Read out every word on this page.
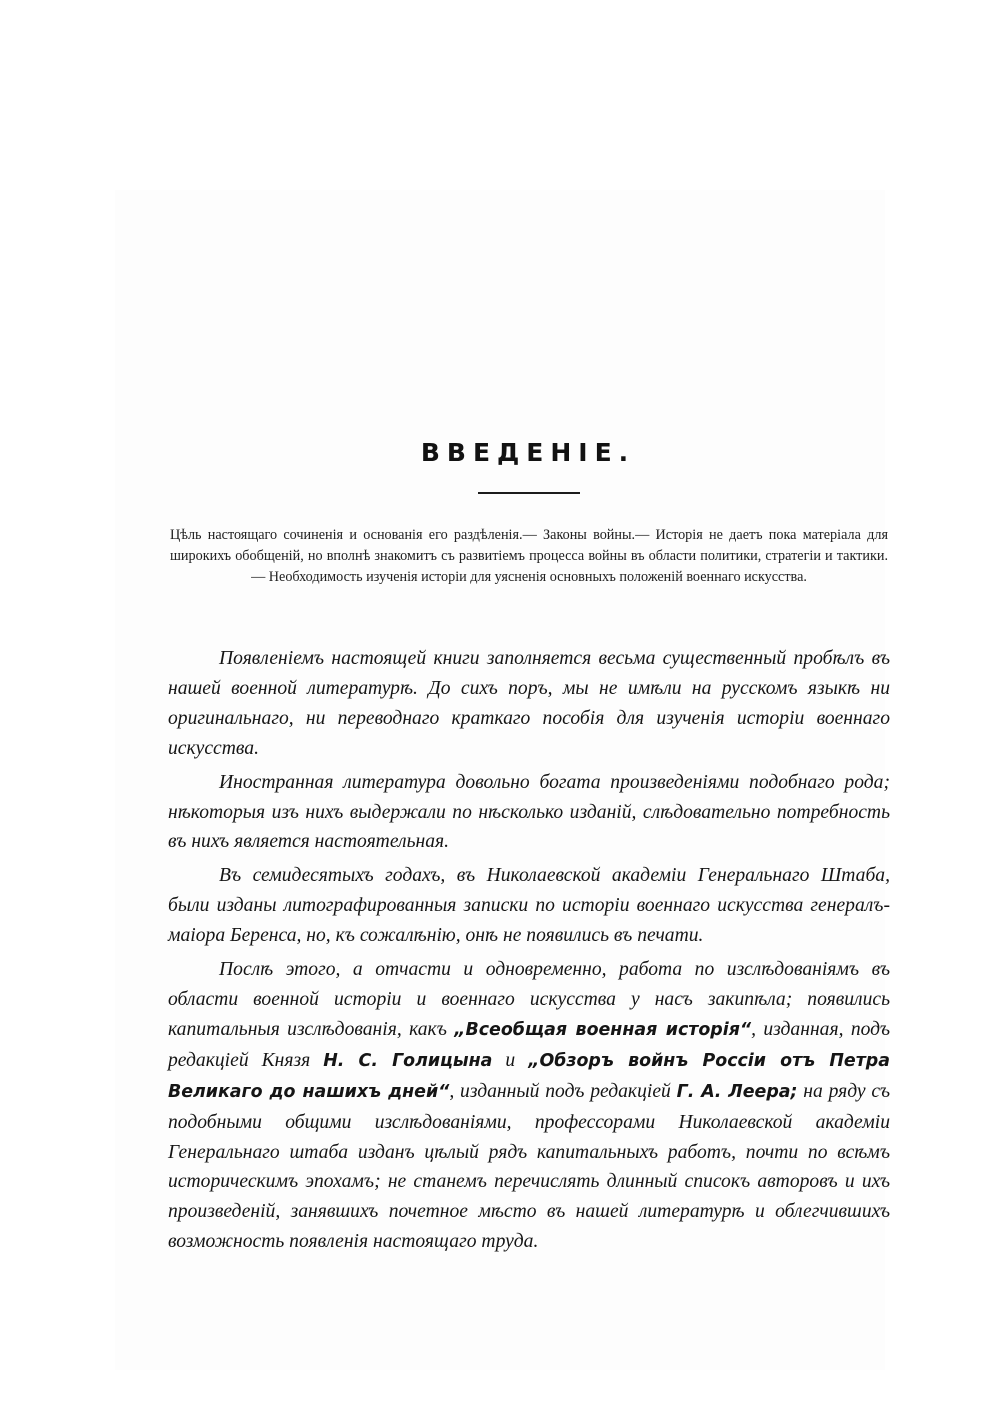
ВВЕДЕНІЕ.
Цѣль настоящаго сочиненія и основанія его раздѣленія.— Законы войны.— Исторія не даетъ пока матеріала для широкихъ обобщеній, но вполнѣ знакомитъ съ развитіемъ процесса войны въ области политики, стратегіи и тактики.— Необходимость изученія исторіи для уясненія основныхъ положеній военнаго искусства.

Появленіемъ настоящей книги заполняется весьма существенный пробѣлъ въ нашей военной литературѣ. До сихъ поръ, мы не имѣли на русскомъ языкѣ ни оригинальнаго, ни переводнаго краткаго пособія для изученія исторіи военнаго искусства.

Иностранная литература довольно богата произведеніями подобнаго рода; нѣкоторыя изъ нихъ выдержали по нѣсколько изданій, слѣдовательно потребность въ нихъ является настоятельная.

Въ семидесятыхъ годахъ, въ Николаевской академіи Генеральнаго Штаба, были изданы литографированныя записки по исторіи военнаго искусства генералъ-маіора Беренса, но, къ сожалѣнію, онѣ не появились въ печати.

Послѣ этого, а отчасти и одновременно, работа по изслѣдованіямъ въ области военной исторіи и военнаго искусства у насъ закипѣла; появились капитальныя изслѣдованія, какъ „Всеобщая военная исторія“, изданная, подъ редакціей Князя Н. С. Голицына и „Обзоръ войнъ Россіи отъ Петра Великаго до нашихъ дней“, изданный подъ редакціей Г. А. Леера; на ряду съ подобными общими изслѣдованіями, профессорами Николаевской академіи Генеральнаго штаба изданъ цѣлый рядъ капитальныхъ работъ, почти по всѣмъ историческимъ эпохамъ; не станемъ перечислять длинный списокъ авторовъ и ихъ произведеній, занявшихъ почетное мѣсто въ нашей литературѣ и облегчившихъ возможность появленія настоящаго труда.
